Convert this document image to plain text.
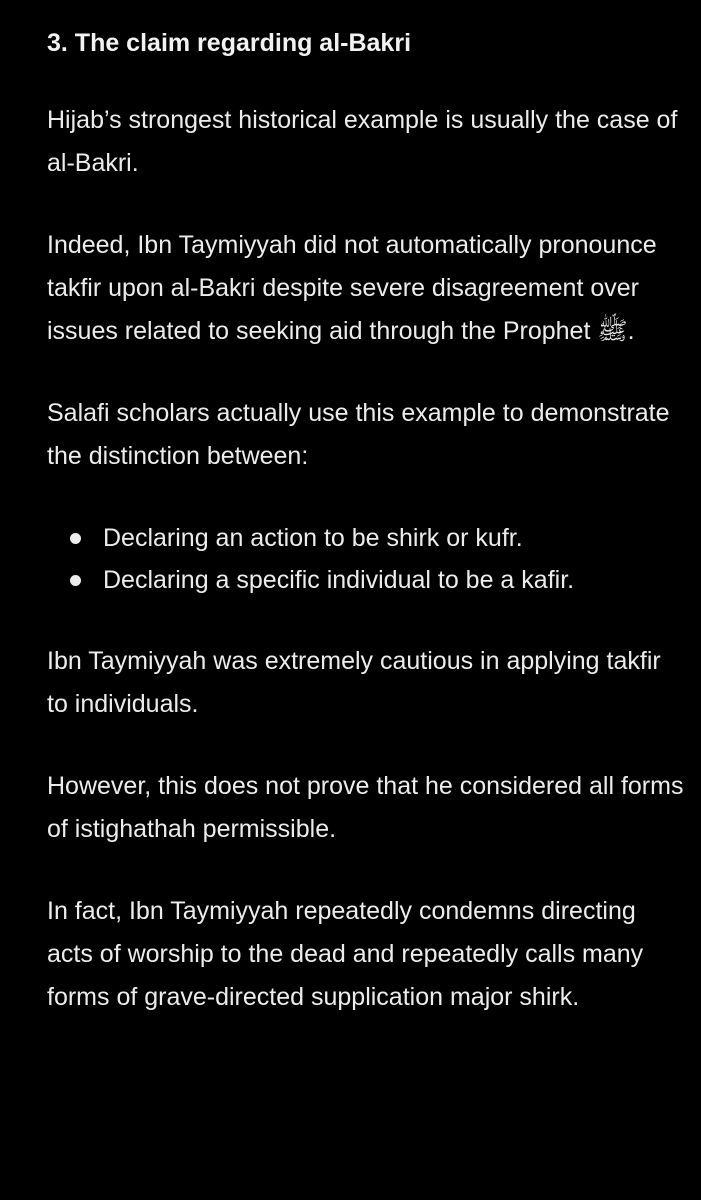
3. The claim regarding al-Bakri

Hijab’s strongest historical example is usually the case of al-Bakri.

Indeed, Ibn Taymiyyah did not automatically pronounce takfir upon al-Bakri despite severe disagreement over issues related to seeking aid through the Prophet ﷺ.

Salafi scholars actually use this example to demonstrate the distinction between:

Declaring an action to be shirk or kufr.
Declaring a specific individual to be a kafir.

Ibn Taymiyyah was extremely cautious in applying takfir to individuals.

However, this does not prove that he considered all forms of istighathah permissible.

In fact, Ibn Taymiyyah repeatedly condemns directing acts of worship to the dead and repeatedly calls many forms of grave-directed supplication major shirk.
